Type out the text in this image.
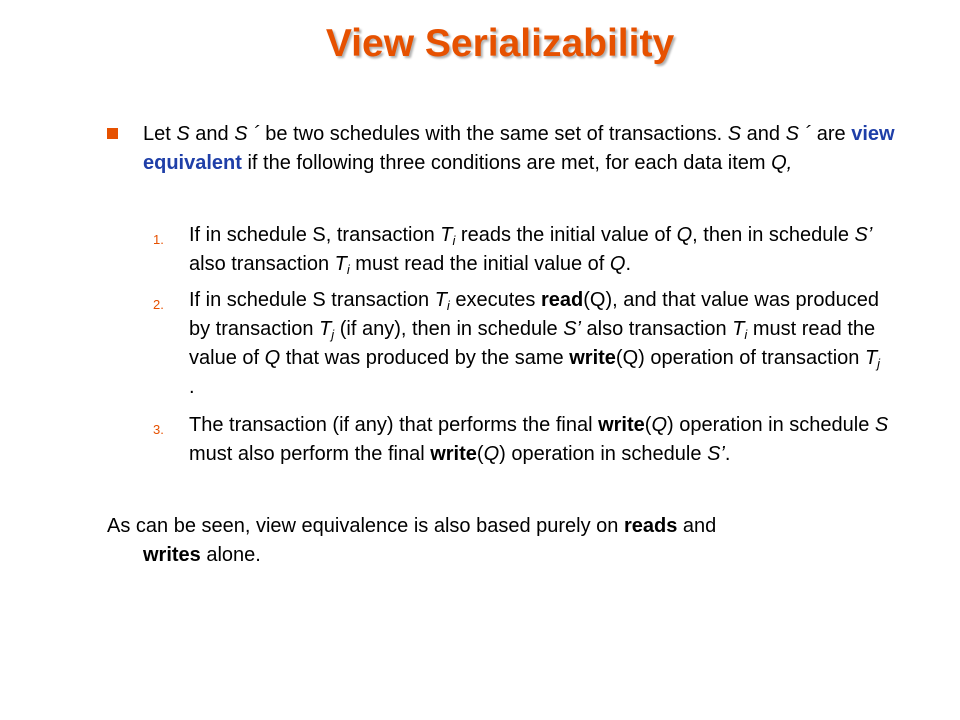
View Serializability
Let S and S ´ be two schedules with the same set of transactions. S and S ´ are view equivalent if the following three conditions are met, for each data item Q,
1. If in schedule S, transaction $T_i$ reads the initial value of Q, then in schedule S’ also transaction $T_i$ must read the initial value of Q.
2. If in schedule S transaction $T_i$ executes read(Q), and that value was produced by transaction $T_j$ (if any), then in schedule S’ also transaction $T_i$ must read the value of Q that was produced by the same write(Q) operation of transaction $T_j$ .
3. The transaction (if any) that performs the final write(Q) operation in schedule S must also perform the final write(Q) operation in schedule S’.
As can be seen, view equivalence is also based purely on reads and
writes alone.
